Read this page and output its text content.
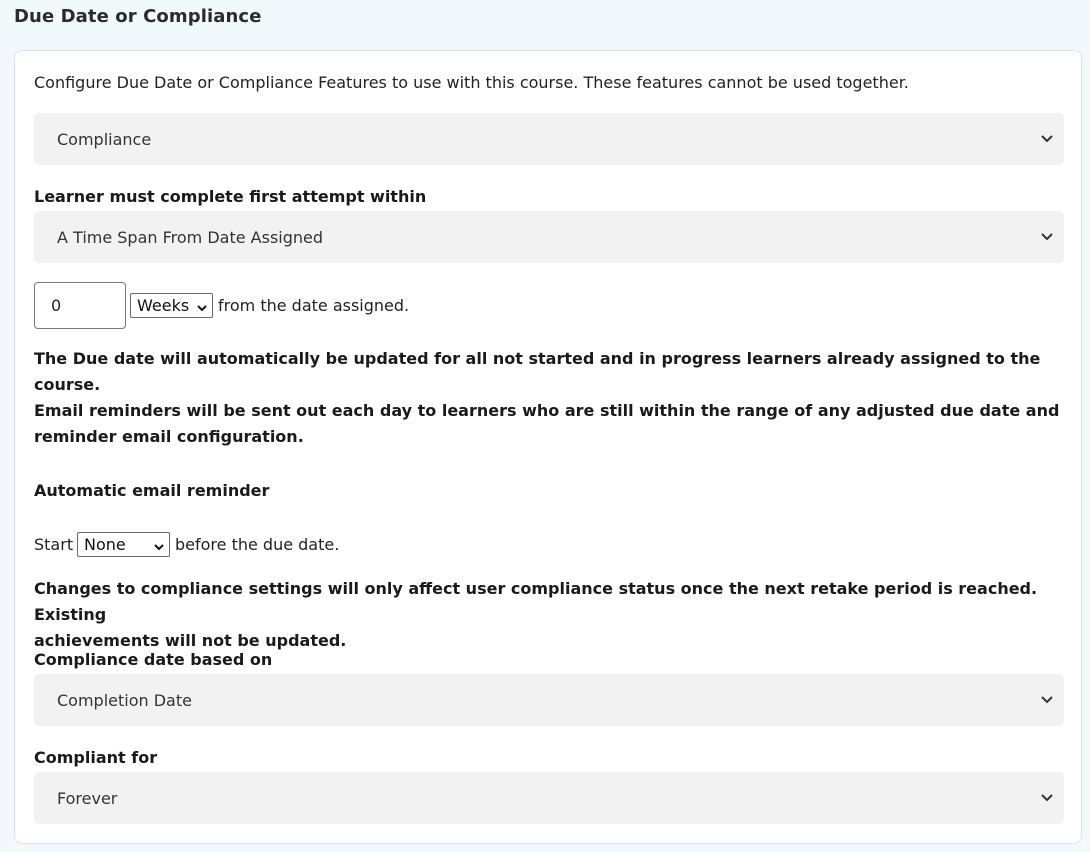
Due Date or Compliance
Configure Due Date or Compliance Features to use with this course. These features cannot be used together.
Compliance
Learner must complete first attempt within
A Time Span From Date Assigned
0	Weeks from the date assigned.
The Due date will automatically be updated for all not started and in progress learners already assigned to the course.
Email reminders will be sent out each day to learners who are still within the range of any adjusted due date and
reminder email configuration.
Automatic email reminder
Start None	before the due date.
Changes to compliance settings will only affect user compliance status once the next retake period is reached. Existing
achievements will not be updated.
Compliance date based on
Completion Date
Compliant for
Forever
